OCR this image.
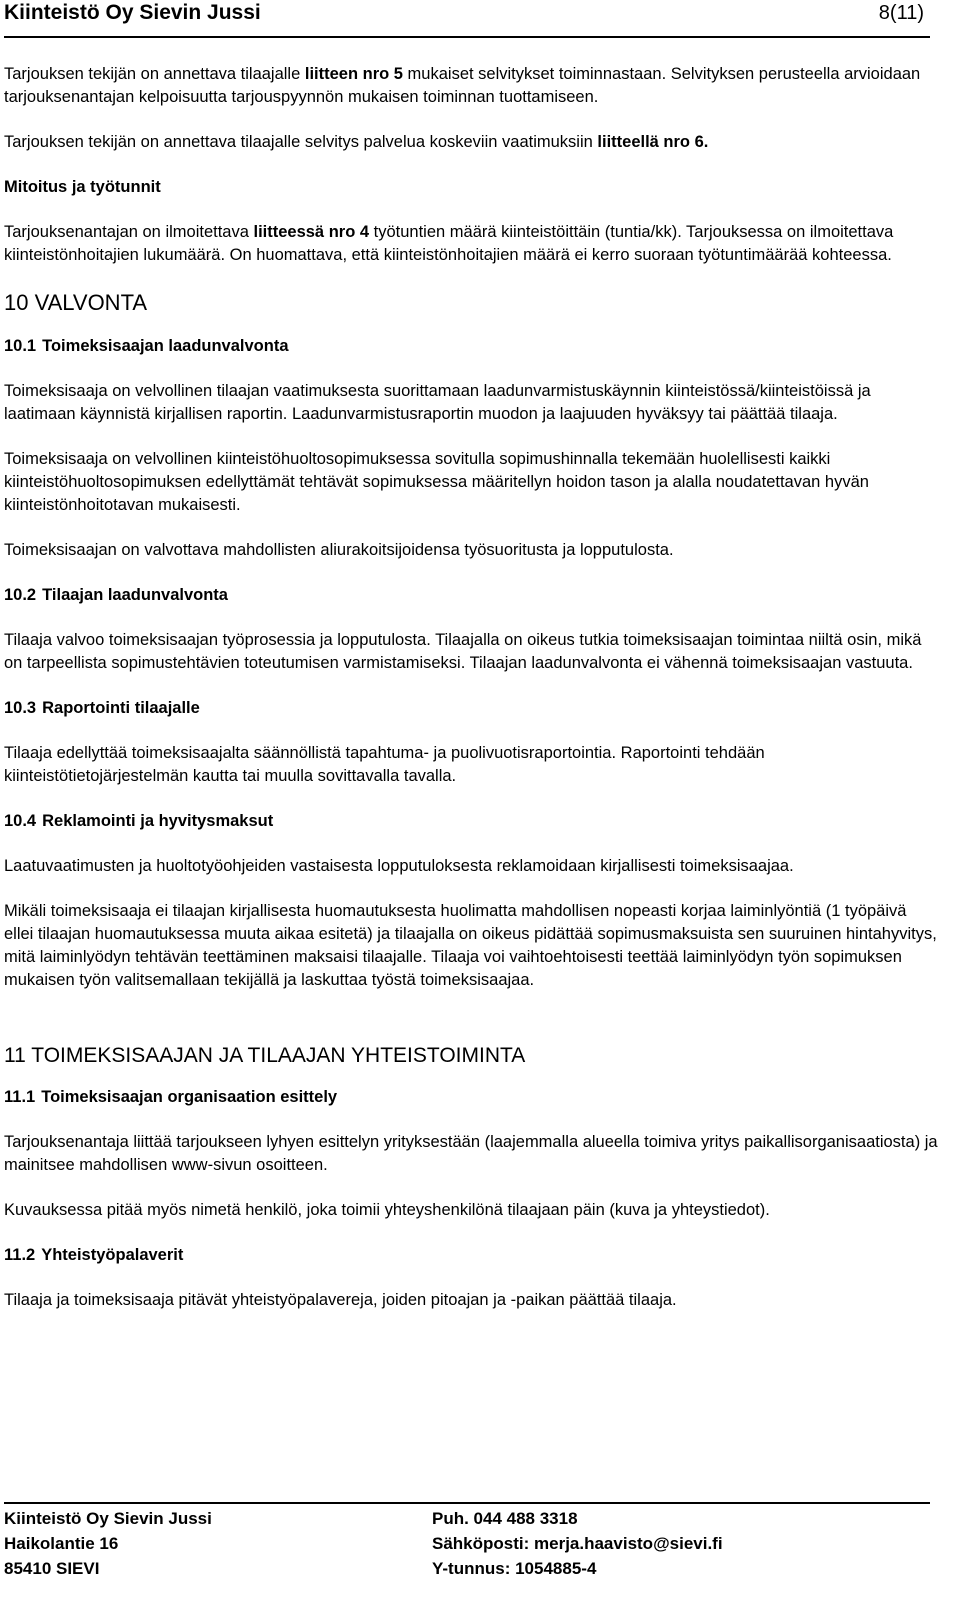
Kiinteistö Oy Sievin Jussi	8(11)

Tarjouksen tekijän on annettava tilaajalle liitteen nro 5 mukaiset selvitykset toiminnastaan. Selvityksen perusteella arvioidaan tarjouksenantajan kelpoisuutta tarjouspyynnön mukaisen toiminnan tuottamiseen.

Tarjouksen tekijän on annettava tilaajalle selvitys palvelua koskeviin vaatimuksiin liitteellä nro 6.

Mitoitus ja työtunnit

Tarjouksenantajan on ilmoitettava liitteessä nro 4 työtuntien määrä kiinteistöittäin (tuntia/kk). Tarjouksessa on ilmoitettava kiinteistönhoitajien lukumäärä. On huomattava, että kiinteistönhoitajien määrä ei kerro suoraan työtuntimäärää kohteessa.

10 VALVONTA
10.1 Toimeksisaajan laadunvalvonta

Toimeksisaaja on velvollinen tilaajan vaatimuksesta suorittamaan laadunvarmistuskäynnin kiinteistössä/kiinteistöissä ja laatimaan käynnistä kirjallisen raportin. Laadunvarmistusraportin muodon ja laajuuden hyväksyy tai päättää tilaaja.

Toimeksisaaja on velvollinen kiinteistöhuoltosopimuksessa sovitulla sopimushinnalla tekemään huolellisesti kaikki kiinteistöhuoltosopimuksen edellyttämät tehtävät sopimuksessa määritellyn hoidon tason ja alalla noudatettavan hyvän kiinteistönhoitotavan mukaisesti.

Toimeksisaajan on valvottava mahdollisten aliurakoitsijoidensa työsuoritusta ja lopputulosta.

10.2 Tilaajan laadunvalvonta

Tilaaja valvoo toimeksisaajan työprosessia ja lopputulosta. Tilaajalla on oikeus tutkia toimeksisaajan toimintaa niiltä osin, mikä on tarpeellista sopimustehtävien toteutumisen varmistamiseksi. Tilaajan laadunvalvonta ei vähennä toimeksisaajan vastuuta.

10.3 Raportointi tilaajalle

Tilaaja edellyttää toimeksisaajalta säännöllistä tapahtuma- ja puolivuotisraportointia. Raportointi tehdään kiinteistötietojärjestelmän kautta tai muulla sovittavalla tavalla.

10.4 Reklamointi ja hyvitysmaksut

Laatuvaatimusten ja huoltotyöohjeiden vastaisesta lopputuloksesta reklamoidaan kirjallisesti toimeksisaajaa.

Mikäli toimeksisaaja ei tilaajan kirjallisesta huomautuksesta huolimatta mahdollisen nopeasti korjaa laiminlyöntiä (1 työpäivä ellei tilaajan huomautuksessa muuta aikaa esitetä) ja tilaajalla on oikeus pidättää sopimusmaksuista sen suuruinen hintahyvitys, mitä laiminlyödyn tehtävän teettäminen maksaisi tilaajalle. Tilaaja voi vaihtoehtoisesti teettää laiminlyödyn työn sopimuksen mukaisen työn valitsemallaan tekijällä ja laskuttaa työstä toimeksisaajaa.

11 TOIMEKSISAAJAN JA TILAAJAN YHTEISTOIMINTA
11.1 Toimeksisaajan organisaation esittely

Tarjouksenantaja liittää tarjoukseen lyhyen esittelyn yrityksestään (laajemmalla alueella toimiva yritys paikallisorganisaatiosta) ja mainitsee mahdollisen www-sivun osoitteen.

Kuvauksessa pitää myös nimetä henkilö, joka toimii yhteyshenkilönä tilaajaan päin (kuva ja yhteystiedot).

11.2 Yhteistyöpalaverit

Tilaaja ja toimeksisaaja pitävät yhteistyöpalavereja, joiden pitoajan ja -paikan päättää tilaaja.

Kiinteistö Oy Sievin Jussi
Haikolantie 16
85410 SIEVI
Puh. 044 488 3318
Sähköposti: merja.haavisto@sievi.fi
Y-tunnus: 1054885-4
